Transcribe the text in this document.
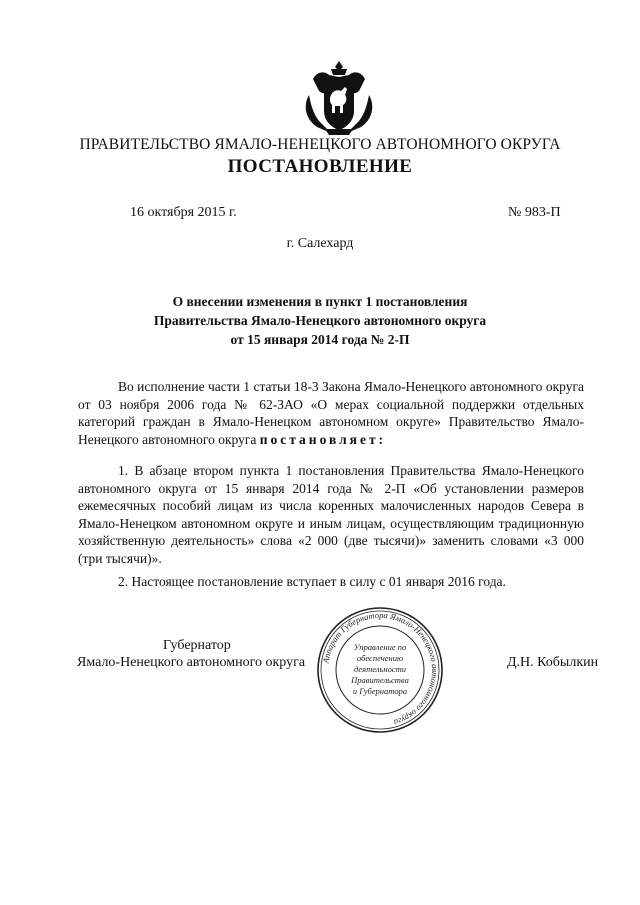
ПРАВИТЕЛЬСТВО ЯМАЛО-НЕНЕЦКОГО АВТОНОМНОГО ОКРУГА
ПОСТАНОВЛЕНИЕ
16 октября 2015 г.	№ 983-П
г. Салехард
О внесении изменения в пункт 1 постановления
Правительства Ямало-Ненецкого автономного округа
от 15 января 2014 года № 2-П

Во исполнение части 1 статьи 18-3 Закона Ямало-Ненецкого автономного округа от 03 ноября 2006 года № 62-ЗАО «О мерах социальной поддержки отдельных категорий граждан в Ямало-Ненецком автономном округе» Правительство Ямало-Ненецкого автономного округа постановляет:

1. В абзаце втором пункта 1 постановления Правительства Ямало-Ненецкого автономного округа от 15 января 2014 года № 2-П «Об установлении размеров ежемесячных пособий лицам из числа коренных малочисленных народов Севера в Ямало-Ненецком автономном округе и иным лицам, осуществляющим традиционную хозяйственную деятельность» слова «2 000 (две тысячи)» заменить словами «3 000 (три тысячи)».

2. Настоящее постановление вступает в силу с 01 января 2016 года.

Губернатор
Ямало-Ненецкого автономного округа	Д.Н. Кобылкин
Аппарат Губернатора Ямало-Ненецкого автономного округа
Управление по
обеспечению
деятельности
Правительства
и Губернатора
